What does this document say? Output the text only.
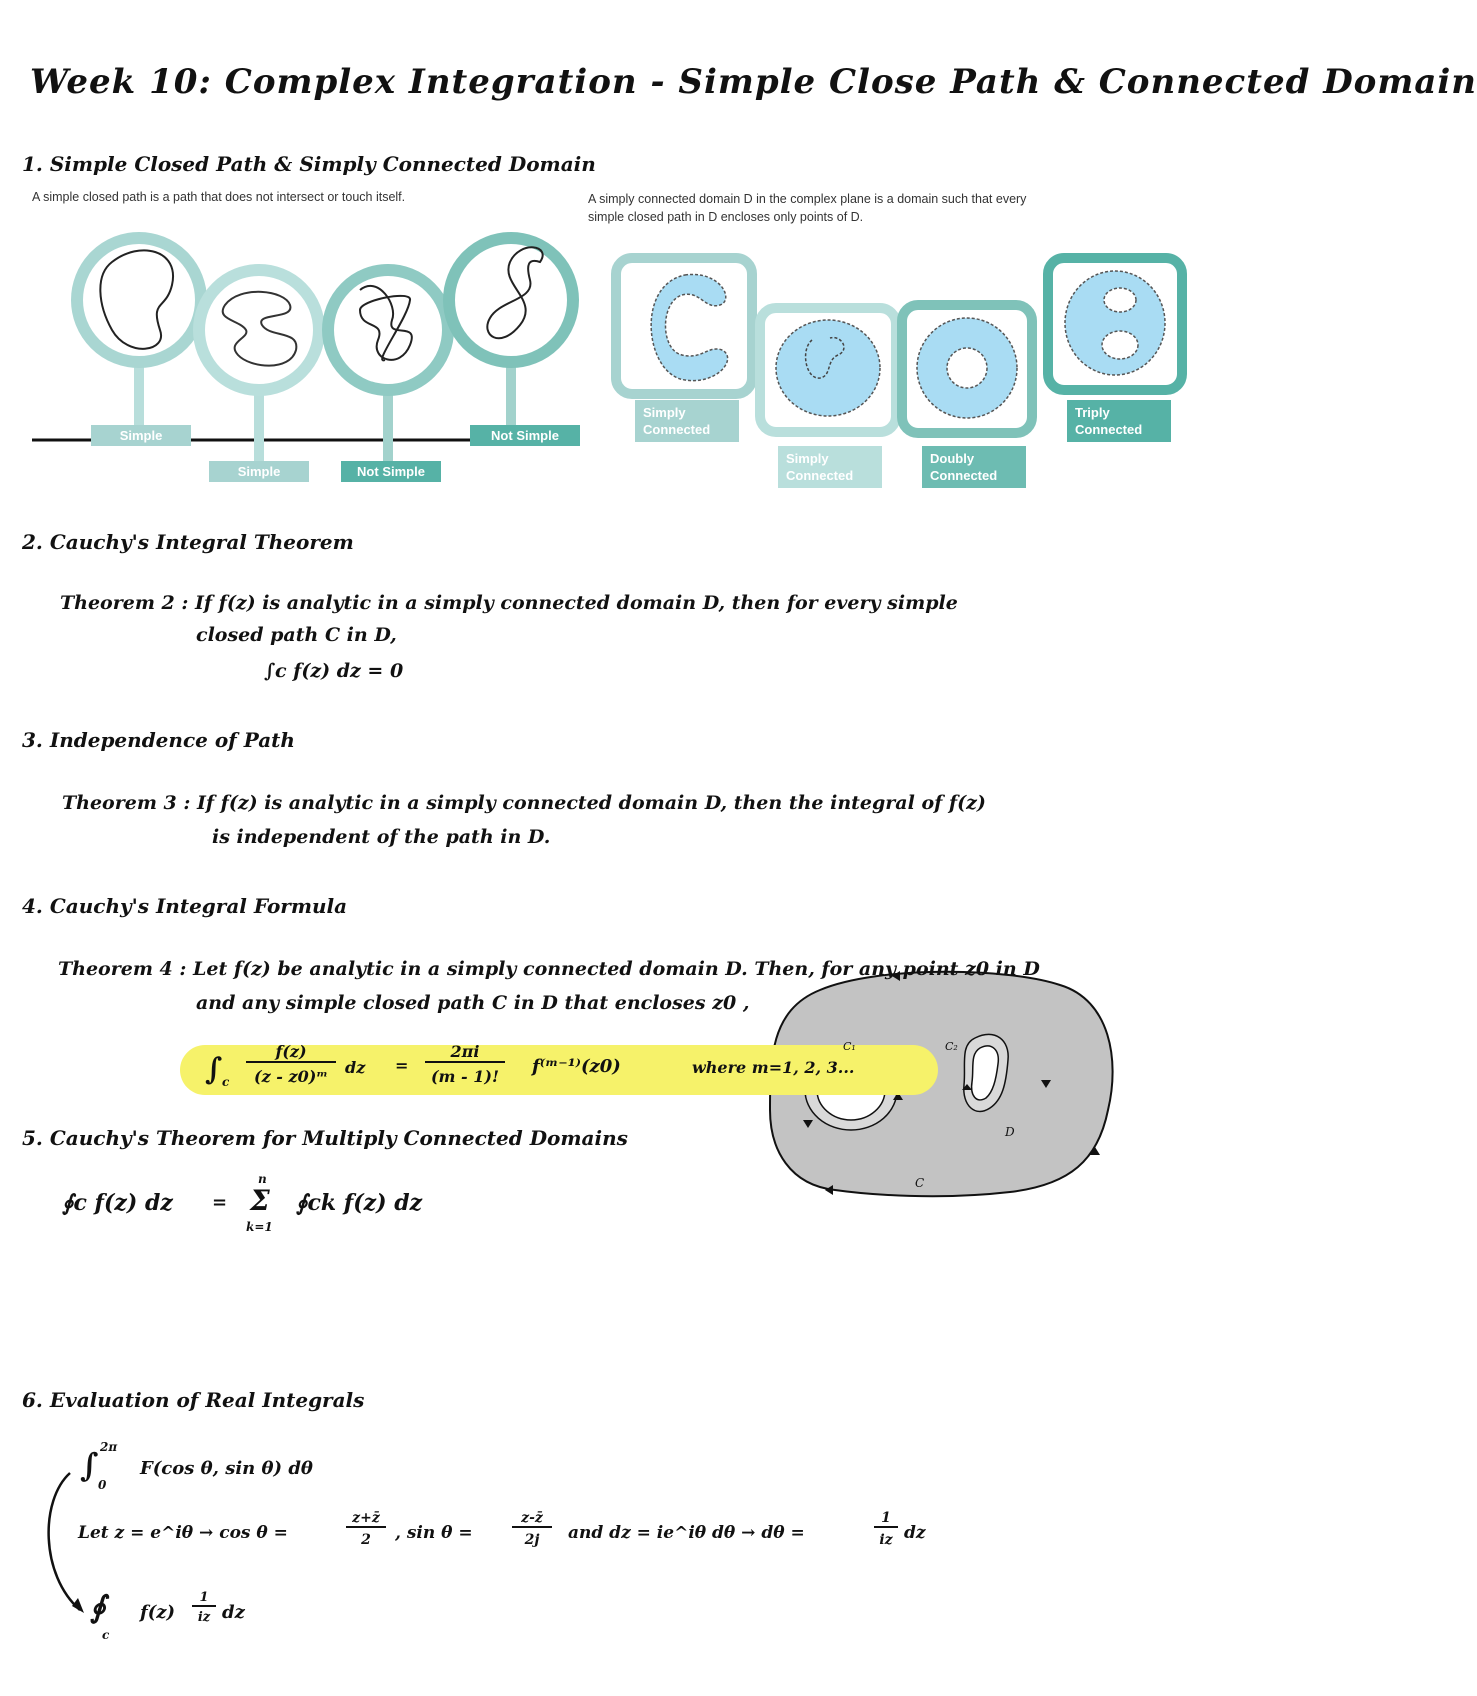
Week 10: Complex Integration - Simple Close Path & Connected Domain
1. Simple Closed Path & Simply Connected Domain
A simple closed path is a path that does not intersect or touch itself.	A simply connected domain D in the complex plane is a domain such that every
simple closed path in D encloses only points of D.
Simple
Simple	Not Simple
Not Simple
Simply
Connected
Simply
Connected
Doubly
Connected
Triply
Connected
2. Cauchy's Integral Theorem
Theorem 2 : If f(z) is analytic in a simply connected domain D, then for every simple
closed path C in D,
∫c f(z) dz = 0
3. Independence of Path
Theorem 3 : If f(z) is analytic in a simply connected domain D, then the integral of f(z)
is independent of the path in D.
4. Cauchy's Integral Formula
Theorem 4 : Let f(z) be analytic in a simply connected domain D. Then, for any point z0 in D
and any simple closed path C in D that encloses z0 ,
∫ c
f(z)
(z - z0)ᵐ	dz =
2πi
(m - 1)!	f⁽ᵐ⁻¹⁾(z0)	where m=1, 2, 3...
5. Cauchy's Theorem for Multiply Connected Domains
∮c f(z) dz =
n
Σ
k=1
∮ck f(z) dz
D
C₁	C₂
C
6. Evaluation of Real Integrals
∫ 2π
0
F(cos θ, sin θ) dθ
Let z = e^iθ → cos θ =
z+z̄
2	, sin θ =
z-z̄
2j	and dz = ie^iθ dθ → dθ =
1
iz dz
∮
c
f(z)
1
iz dz
